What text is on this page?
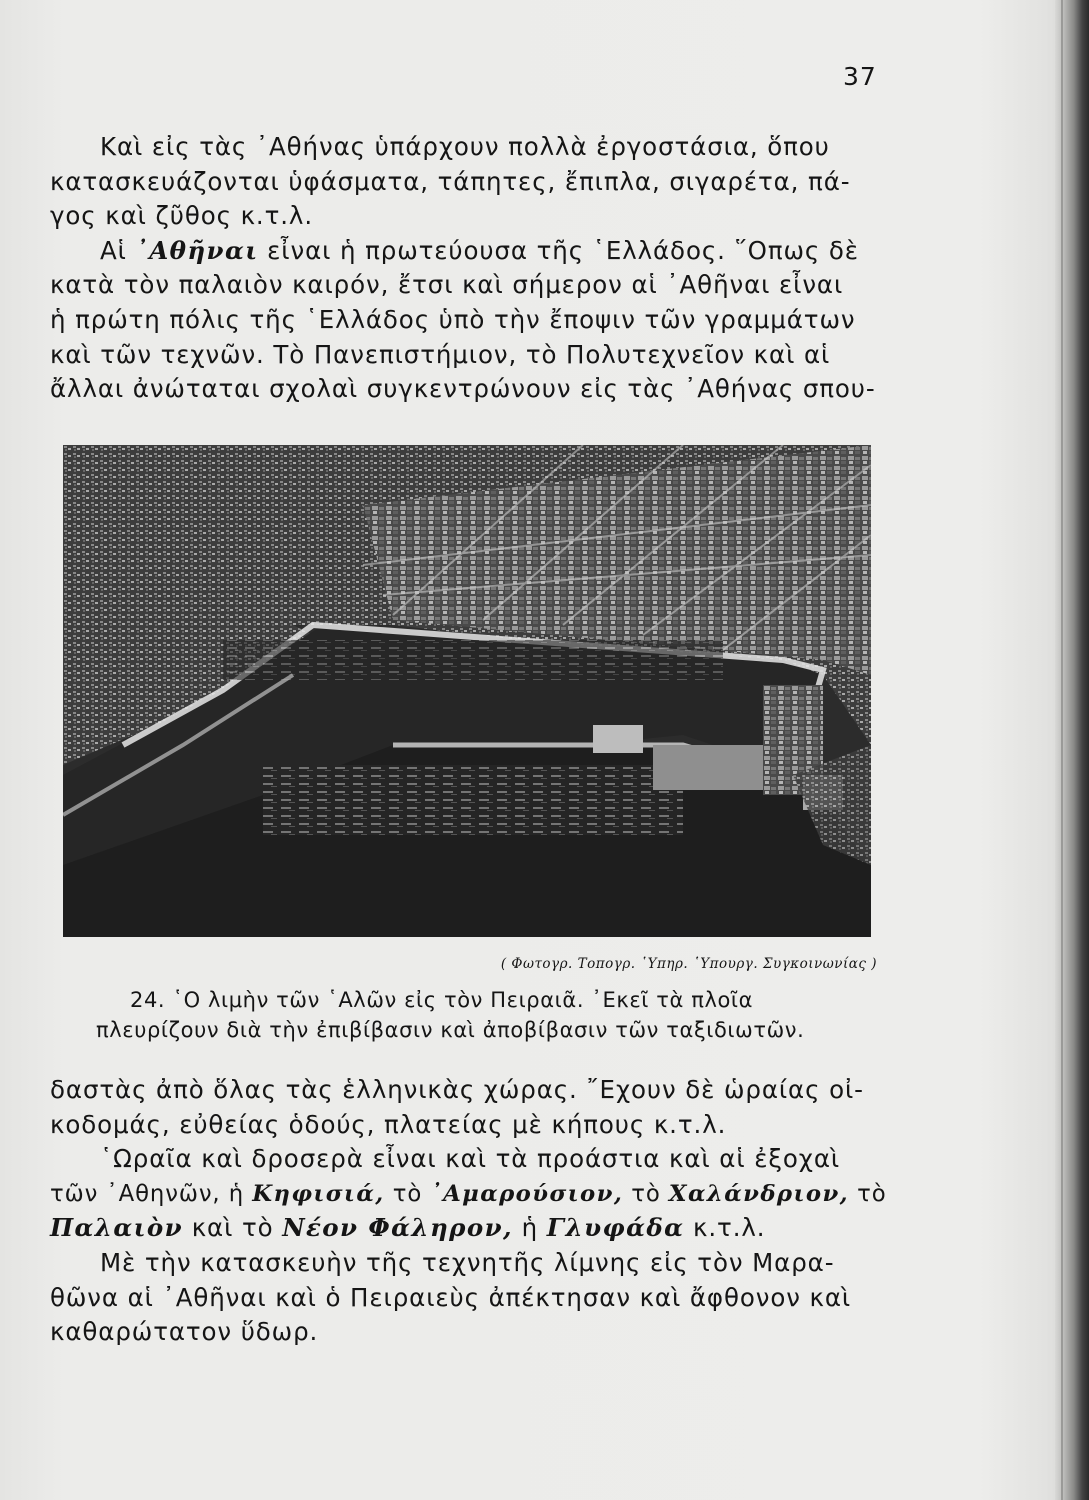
37
Καὶ εἰς τὰς ᾿Αθήνας ὑπάρχουν πολλὰ ἐργοστάσια, ὅπου
κατασκευάζονται ὑφάσματα, τάπητες, ἔπιπλα, σιγαρέτα, πά-
γος καὶ ζῦθος κ.τ.λ.
Αἱ ᾿Αθῆναι εἶναι ἡ πρωτεύουσα τῆς ῾Ελλάδος. ῞Οπως δὲ
κατὰ τὸν παλαιὸν καιρόν, ἔτσι καὶ σήμερον αἱ ᾿Αθῆναι εἶναι
ἡ πρώτη πόλις τῆς ῾Ελλάδος ὑπὸ τὴν ἔποψιν τῶν γραμμάτων
καὶ τῶν τεχνῶν. Τὸ Πανεπιστήμιον, τὸ Πολυτεχνεῖον καὶ αἱ
ἄλλαι ἀνώταται σχολαὶ συγκεντρώνουν εἰς τὰς ᾿Αθήνας σπου-
( Φωτογρ. Τοπογρ. ῾Υπηρ. ῾Υπουργ. Συγκοινωνίας )
24. ῾Ο λιμὴν τῶν ῾Αλῶν εἰς τὸν Πειραιᾶ. ᾿Εκεῖ τὰ πλοῖα
πλευρίζουν διὰ τὴν ἐπιβίβασιν καὶ ἀποβίβασιν τῶν ταξιδιωτῶν.
δαστὰς ἀπὸ ὅλας τὰς ἑλληνικὰς χώρας. ῎Εχουν δὲ ὡραίας οἰ-
κοδομάς, εὐθείας ὁδούς, πλατείας μὲ κήπους κ.τ.λ.
῾Ωραῖα καὶ δροσερὰ εἶναι καὶ τὰ προάστια καὶ αἱ ἐξοχαὶ
τῶν ᾿Αθηνῶν, ἡ Κηφισιά, τὸ ᾿Αμαρούσιον, τὸ Χαλάνδριον, τὸ
Παλαιὸν καὶ τὸ Νέον Φάληρον, ἡ Γλυφάδα κ.τ.λ.
Μὲ τὴν κατασκευὴν τῆς τεχνητῆς λίμνης εἰς τὸν Μαρα-
θῶνα αἱ ᾿Αθῆναι καὶ ὁ Πειραιεὺς ἀπέκτησαν καὶ ἄφθονον καὶ
καθαρώτατον ὕδωρ.
